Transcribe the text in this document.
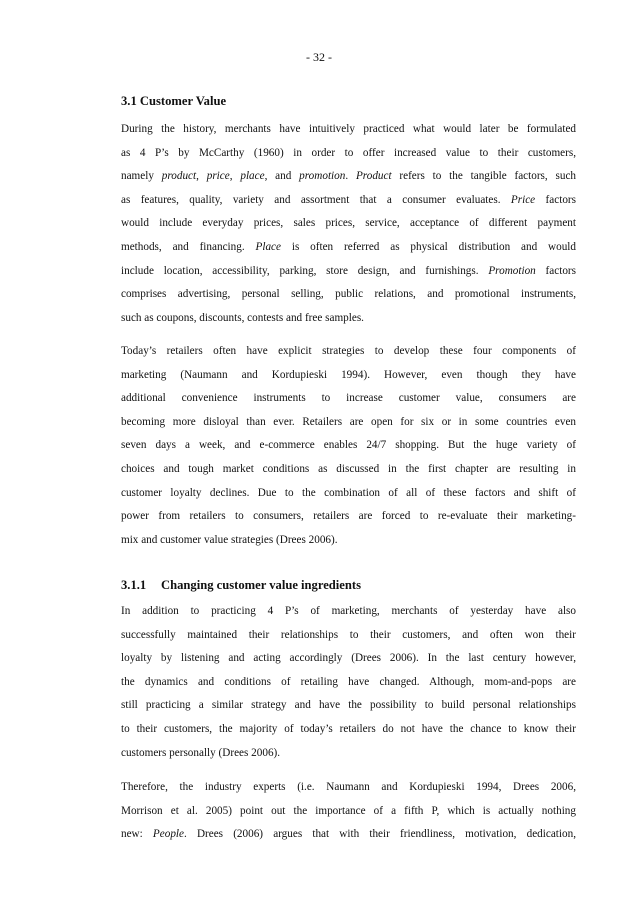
- 32 -
3.1 Customer Value
During the history, merchants have intuitively practiced what would later be formulated
as 4 P’s by McCarthy (1960) in order to offer increased value to their customers,
namely product, price, place, and promotion. Product refers to the tangible factors, such
as features, quality, variety and assortment that a consumer evaluates. Price factors
would include everyday prices, sales prices, service, acceptance of different payment
methods, and financing. Place is often referred as physical distribution and would
include location, accessibility, parking, store design, and furnishings. Promotion factors
comprises advertising, personal selling, public relations, and promotional instruments,
such as coupons, discounts, contests and free samples.
Today’s retailers often have explicit strategies to develop these four components of
marketing (Naumann and Kordupieski 1994). However, even though they have
additional convenience instruments to increase customer value, consumers are
becoming more disloyal than ever. Retailers are open for six or in some countries even
seven days a week, and e-commerce enables 24/7 shopping. But the huge variety of
choices and tough market conditions as discussed in the first chapter are resulting in
customer loyalty declines. Due to the combination of all of these factors and shift of
power from retailers to consumers, retailers are forced to re-evaluate their marketing-
mix and customer value strategies (Drees 2006).
3.1.1 Changing customer value ingredients
In addition to practicing 4 P’s of marketing, merchants of yesterday have also
successfully maintained their relationships to their customers, and often won their
loyalty by listening and acting accordingly (Drees 2006). In the last century however,
the dynamics and conditions of retailing have changed. Although, mom-and-pops are
still practicing a similar strategy and have the possibility to build personal relationships
to their customers, the majority of today’s retailers do not have the chance to know their
customers personally (Drees 2006).
Therefore, the industry experts (i.e. Naumann and Kordupieski 1994, Drees 2006,
Morrison et al. 2005) point out the importance of a fifth P, which is actually nothing
new: People. Drees (2006) argues that with their friendliness, motivation, dedication,
